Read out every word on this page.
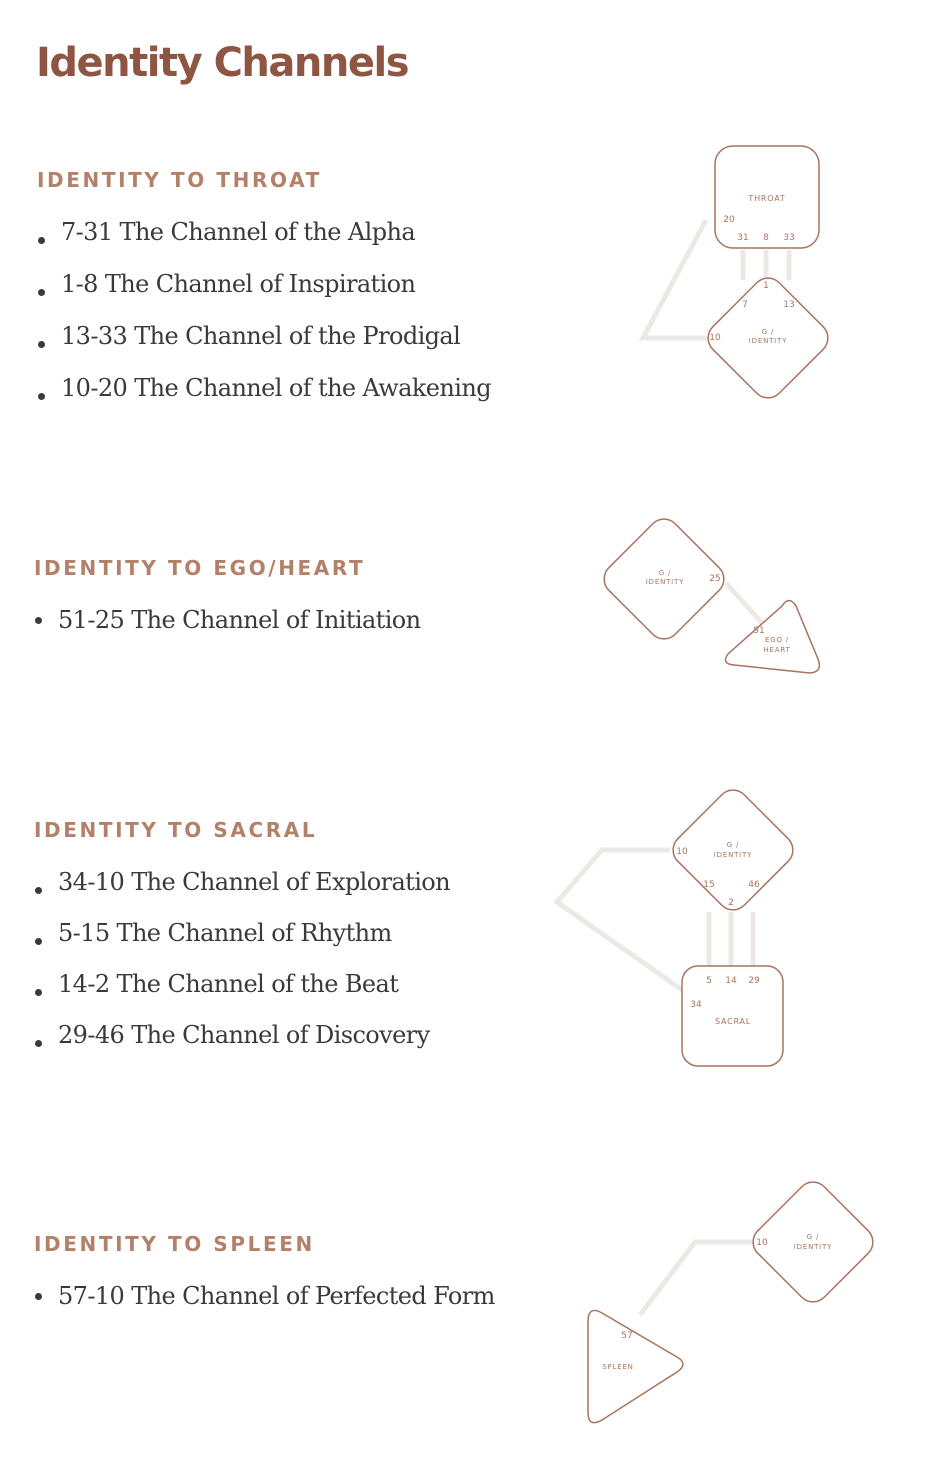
Identity Channels
IDENTITY TO THROAT
7-31 The Channel of the Alpha
1-8 The Channel of Inspiration
13-33 The Channel of the Prodigal
10-20 The Channel of the Awakening
THROAT
20
31 8 33
1
7	13
10
G /
IDENTITY
IDENTITY TO EGO/HEART
51-25 The Channel of Initiation
G /
IDENTITY	25
51
EGO /
HEART
IDENTITY TO SACRAL
34-10 The Channel of Exploration
5-15 The Channel of Rhythm
14-2 The Channel of the Beat
29-46 The Channel of Discovery
G /
IDENTITY
10
15	46
2
5 14 29
34
SACRAL
IDENTITY TO SPLEEN
57-10 The Channel of Perfected Form
10
G /
IDENTITY
57
SPLEEN
